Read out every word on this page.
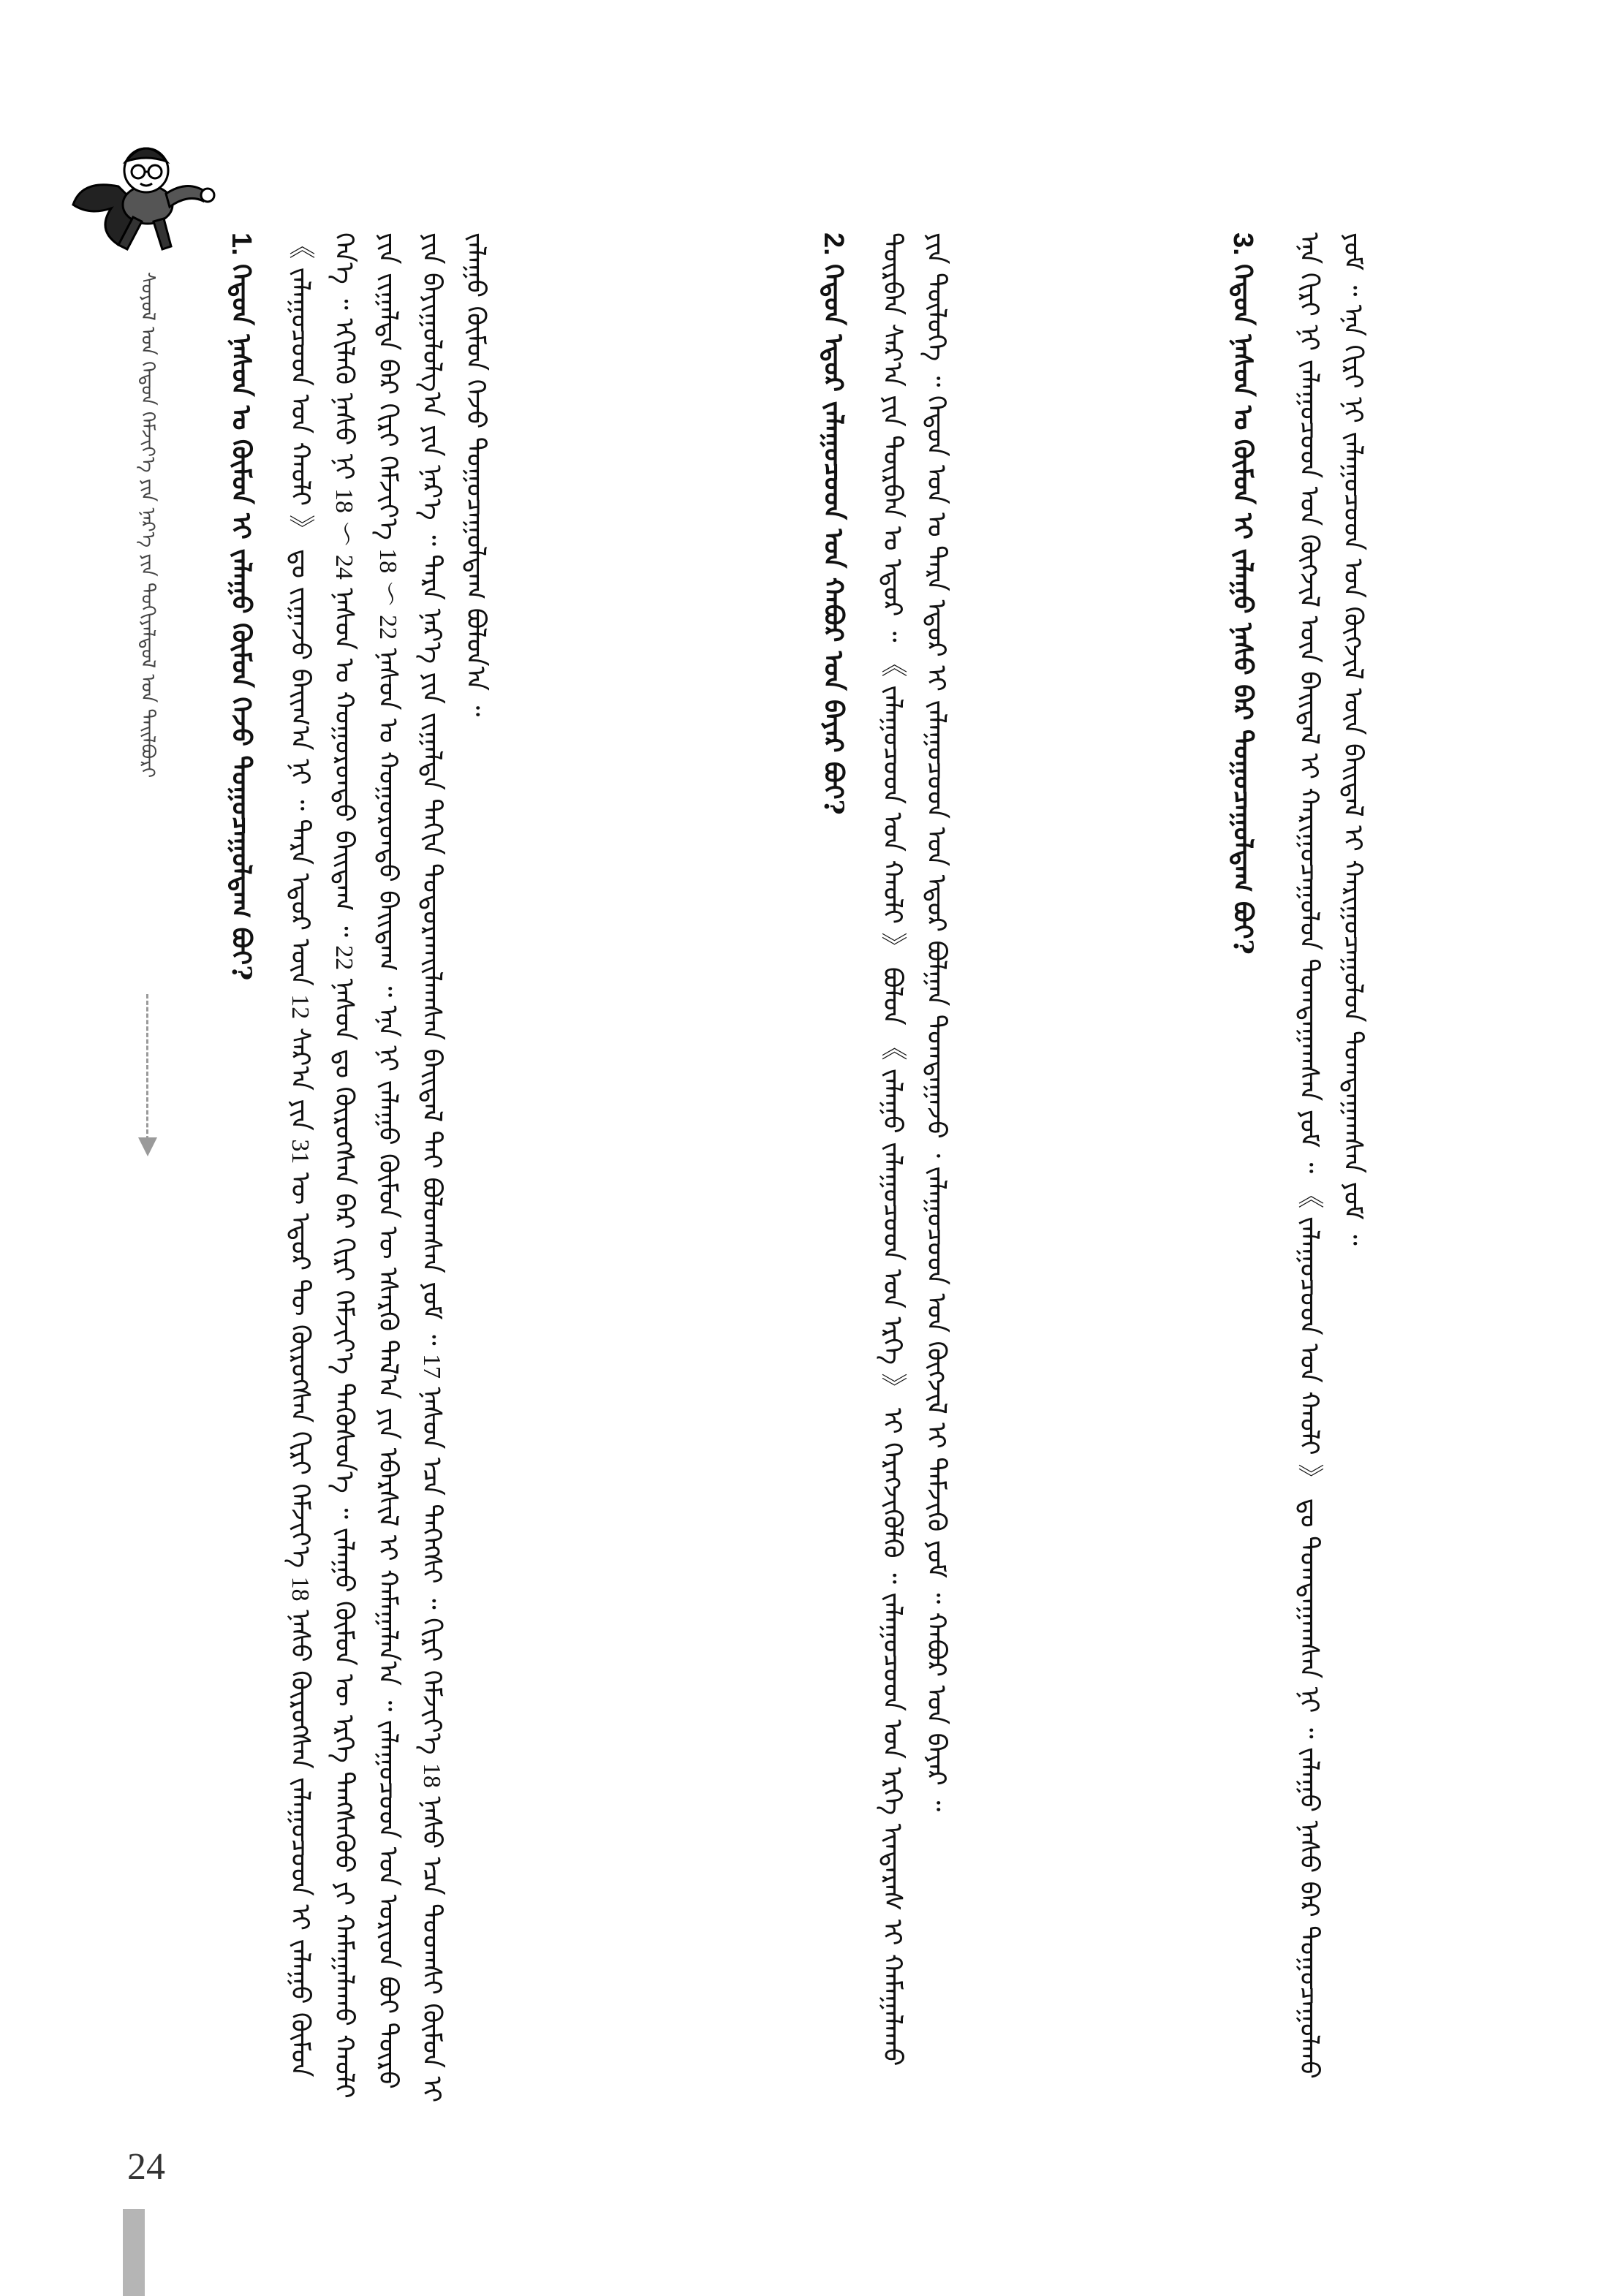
ᠰᠣᠶᠣᠯ ᠤᠨ ᠬᠡᠳᠦᠨ ᠬᠡᠮᠵᠢᠶ᠎ᠡ ᠶᠢᠨ ᠨᠡᠷ᠎ᠡ ᠶᠢᠨ ᠲᠣᠬᠢᠶᠠᠯᠳᠤᠯ ᠤᠨ ᠲᠠᠢᠯᠪᠤᠷᠢ
1. ᠬᠡᠳᠦᠨ ᠨᠠᠰᠤᠨ ᠤ ᠬᠦᠮᠦᠨ ᠢ ᠵᠠᠯᠠᠭᠤ ᠬᠦᠮᠦᠨ ᠭᠡᠵᠦ ᠲᠣᠭᠤᠴᠠᠭᠤᠯᠳᠠᠭ ᠪᠤᠢ? 《 ᠵᠠᠯᠠᠭᠤᠴᠤᠳ ᠤᠨ ᠬᠠᠤᠯᠢ 》 ᠳᠤ ᠵᠢᠭᠠᠵᠤ ᠪᠠᠢᠭ᠎ᠠ ᠨᠢ ᠃ ᠲᠡᠷᠡ ᠡᠳᠦᠷ ᠦᠨ 12 ᠰᠠᠷ᠎ᠠ ᠶᠢᠨ 31 ᠦ ᠡᠳᠦᠷ ᠲᠦ ᠬᠦᠷᠦᠭᠰᠡᠨ ᠬᠢᠷᠢ ᠬᠡᠮᠵᠢᠶ᠎ᠡ 18 ᠨᠠᠰᠤ ᠬᠦᠷᠦᠭᠰᠡᠨ ᠵᠠᠯᠠᠭᠤᠴᠤᠳ ᠢ ᠵᠠᠯᠠᠭᠤ ᠬᠦᠮᠦᠨ ᠭᠡᠨ᠎ᠡ ᠃ ᠡᠬᠢᠯᠡᠬᠦ ᠨᠠᠰᠤ ᠨᠢ 18 ～ 24 ᠨᠠᠰᠤᠨ ᠤ ᠬᠣᠭᠣᠷᠣᠨᠳᠣ ᠪᠠᠢᠳᠠᠭ ᠃ 22 ᠨᠠᠰᠤᠨ ᠳᠤ ᠬᠦᠷᠦᠭᠰᠡᠨ ᠪᠡᠷ ᠬᠢᠷᠢ ᠬᠡᠮᠵᠢᠶ᠎ᠡ ᠲᠡᠭᠦᠰᠦᠨ᠎ᠡ ᠃ ᠵᠠᠯᠠᠭᠤ ᠬᠦᠮᠦᠨ ᠦ ᠡᠷᠬᠡ ᠲᠡᠩᠰᠡᠭᠦᠦ ᠶᠢ ᠬᠠᠮᠠᠭᠠᠯᠠᠬᠤ ᠬᠠᠤᠯᠢ ᠶᠢᠨ ᠵᠢᠭᠠᠯᠲᠠ ᠪᠠᠷ ᠬᠢᠷᠢ ᠬᠡᠮᠵᠢᠶ᠎ᠡ 18 ～ 22 ᠨᠠᠰᠤᠨ ᠤ ᠬᠣᠭᠣᠷᠣᠨᠳᠣ ᠪᠠᠢᠳᠠᠭ ᠃ ᠡᠨᠡ ᠨᠢ ᠵᠠᠯᠠᠭᠤ ᠬᠦᠮᠦᠨ ᠦ ᠡᠰᠡᠷᠭᠦ ᠲᠠᠯ᠎ᠠ ᠶᠢᠨ ᠡᠪᠡᠷᠰᠢᠯ ᠢ ᠬᠠᠮᠠᠭᠠᠯᠠᠨ᠎ᠠ ᠃ ᠵᠠᠯᠠᠭᠤᠴᠤᠳ ᠤᠨ ᠤᠷᠢᠳ ᠪᠤᠢ ᠲᠦᠷᠦ ᠶᠢᠨ ᠪᠠᠶᠢᠭᠤᠯᠤᠯᠭ᠎ᠠ ᠶᠢᠨ ᠨᠡᠷ᠎ᠡ ᠃ ᠲᠡᠷᠡ ᠨᠡᠷ᠎ᠡ ᠶᠢᠨ ᠵᠢᠭᠠᠯᠲᠠ ᠳᠠᠬᠢᠨ ᠲᠣᠳᠣᠷᠬᠠᠢᠯᠠᠭᠰᠠᠨ ᠪᠠᠢᠳᠠᠯ ᠲᠠᠢ ᠪᠣᠯᠤᠭᠰᠠᠨ ᠶᠤᠮ ᠃ 17 ᠨᠠᠰᠤᠨ ᠡᠴᠡ ᠳᠡᠭᠡᠭᠰᠢ ᠃ ᠬᠢᠷᠢ ᠬᠡᠮᠵᠢᠶ᠎ᠡ 18 ᠨᠠᠰᠤ ᠡᠴᠡ ᠳᠣᠣᠭᠰᠢ ᠬᠦᠮᠦᠨ ᠢ ᠵᠠᠯᠠᠭᠤ ᠬᠦᠮᠦᠨ ᠭᠡᠵᠦ ᠲᠣᠭᠤᠴᠠᠭᠤᠯᠳᠠᠭ ᠪᠣᠯᠤᠨ᠎ᠠ ᠃	2. ᠬᠡᠳᠦᠨ ᠡᠳᠦᠷ ᠵᠠᠯᠠᠭᠤᠴᠤᠳ ᠤᠨ ᠬᠠᠪᠤᠷ ᠤᠨ ᠪᠠᠶᠠᠷ ᠪᠤᠢ?
ᠳᠥᠷᠪᠡᠨ ᠰᠠᠷ᠎ᠠ ᠶᠢᠨ ᠳᠥᠷᠪᠡᠨ ᠤ ᠡᠳᠦᠷ ᠃ 《 ᠵᠠᠯᠠᠭᠤᠴᠤᠳ ᠤᠨ ᠬᠠᠤᠯᠢ 》 ᠪᠣᠯᠤᠨ 《 ᠵᠠᠯᠠᠭᠤ ᠵᠠᠯᠠᠭᠤᠴᠤᠳ ᠤᠨ ᠡᠷᠬᠡ 》 ᠢ ᠬᠡᠷᠡᠭᠵᠢᠭᠦᠯᠬᠦ ᠃ ᠵᠠᠯᠠᠭᠤᠴᠤᠳ ᠤᠨ ᠡᠷᠬᠡ ᠢᠨᠲᠡᠷᠡᠰ ᠢ ᠬᠠᠮᠠᠭᠠᠯᠠᠬᠤ ᠶᠢᠨ ᠲᠥᠯᠥᠭᠡ ᠃ ᠬᠡᠳᠦᠨ ᠣᠨ ᠤ ᠲᠡᠷᠡ ᠡᠳᠦᠷ ᠢ ᠵᠠᠯᠠᠭᠤᠴᠤᠳ ᠤᠨ ᠡᠳᠦᠷ ᠪᠣᠯᠭᠠᠨ ᠲᠣᠭᠲᠠᠭᠠᠵᠤ ᠂ ᠵᠠᠯᠠᠭᠤᠴᠤᠳ ᠤᠨ ᠬᠥᠭᠵᠢᠯ ᠢ ᠳᠡᠮᠵᠢᠬᠦ ᠶᠤᠮ ᠃ ᠬᠠᠪᠤᠷ ᠤᠨ ᠪᠠᠶᠠᠷ ᠃
3. ᠬᠡᠳᠦᠨ ᠨᠠᠰᠤᠨ ᠤ ᠬᠦᠮᠦᠨ ᠢ ᠵᠠᠯᠠᠭᠤ ᠨᠠᠰᠤ ᠪᠠᠷ ᠲᠣᠭᠤᠴᠠᠭᠤᠯᠳᠠᠭ ᠪᠤᠢ? ᠡᠨᠡ ᠬᠢᠷᠢ ᠨᠢ ᠵᠠᠯᠠᠭᠤᠴᠤᠳ ᠤᠨ ᠬᠥᠭᠵᠢᠯ ᠦᠨ ᠪᠠᠢᠳᠠᠯ ᠢ ᠬᠠᠷᠢᠭᠤᠴᠠᠭᠤᠯᠤᠨ ᠲᠣᠭᠲᠠᠭᠠᠭᠰᠠᠨ ᠶᠤᠮ ᠃ 《 ᠵᠠᠯᠠᠭᠤᠴᠤᠳ ᠤᠨ ᠬᠠᠤᠯᠢ 》 ᠳᠤ ᠲᠣᠭᠲᠠᠭᠠᠭᠰᠠᠨ ᠨᠢ ᠃ ᠵᠠᠯᠠᠭᠤ ᠨᠠᠰᠤ ᠪᠠᠷ ᠲᠣᠭᠤᠴᠠᠭᠤᠯᠬᠤ ᠶᠤᠮ ᠃ ᠡᠨᠡ ᠬᠢᠷᠢ ᠨᠢ ᠵᠠᠯᠠᠭᠤᠴᠤᠳ ᠤᠨ ᠬᠥᠭᠵᠢᠯ ᠦᠨ ᠪᠠᠢᠳᠠᠯ ᠢ ᠬᠠᠷᠢᠭᠤᠴᠠᠭᠤᠯᠤᠨ ᠲᠣᠭᠲᠠᠭᠠᠭᠰᠠᠨ ᠶᠤᠮ ᠃
24
